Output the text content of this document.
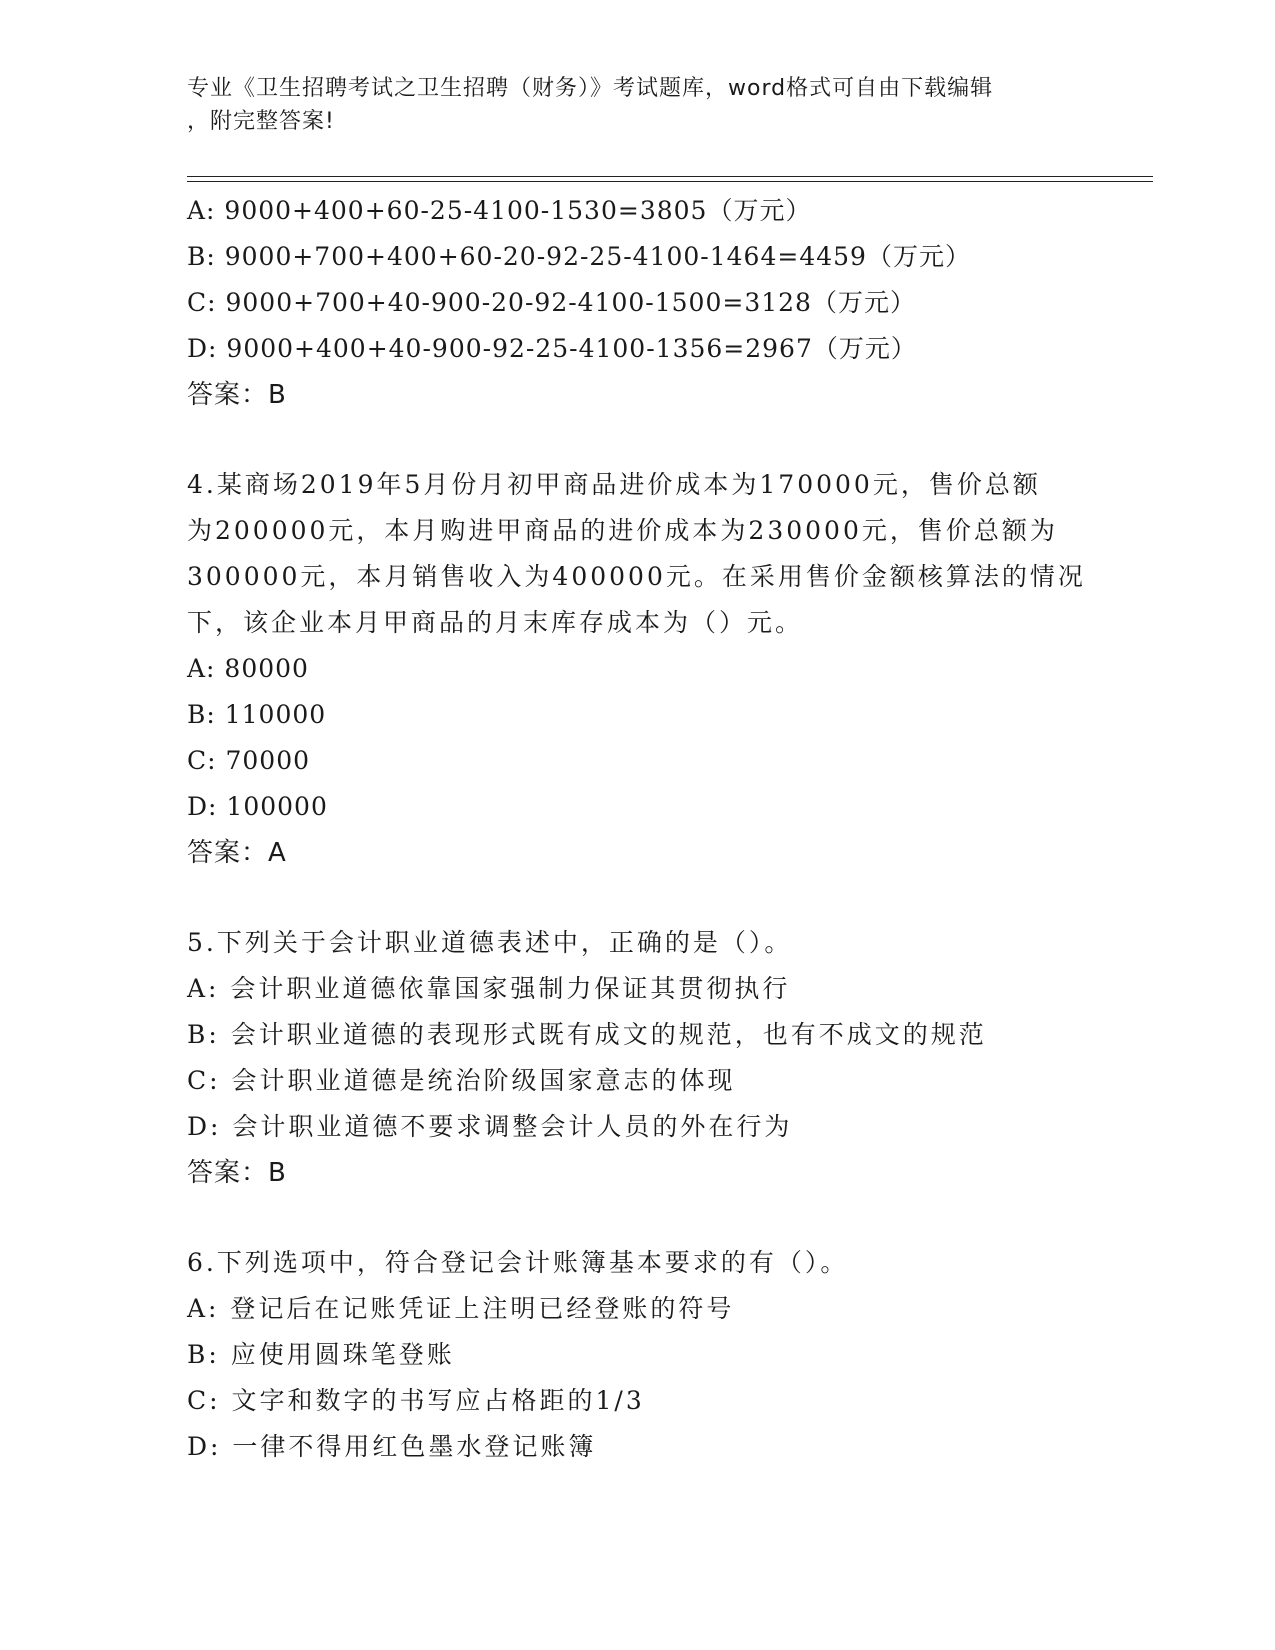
专业《卫生招聘考试之卫生招聘（财务）》考试题库，word格式可自由下载编辑
，附完整答案!
A: 9000+400+60-25-4100-1530=3805（万元）
B: 9000+700+400+60-20-92-25-4100-1464=4459（万元）
C: 9000+700+40-900-20-92-4100-1500=3128（万元）
D: 9000+400+40-900-92-25-4100-1356=2967（万元）
答案：B
4.某商场2019年5月份月初甲商品进价成本为170000元，售价总额
为200000元，本月购进甲商品的进价成本为230000元，售价总额为
300000元，本月销售收入为400000元。在采用售价金额核算法的情况
下，该企业本月甲商品的月末库存成本为（）元。
A: 80000
B: 110000
C: 70000
D: 100000
答案：A
5.下列关于会计职业道德表述中，正确的是（）。
A: 会计职业道德依靠国家强制力保证其贯彻执行
B: 会计职业道德的表现形式既有成文的规范，也有不成文的规范
C: 会计职业道德是统治阶级国家意志的体现
D: 会计职业道德不要求调整会计人员的外在行为
答案：B
6.下列选项中，符合登记会计账簿基本要求的有（）。
A: 登记后在记账凭证上注明已经登账的符号
B: 应使用圆珠笔登账
C: 文字和数字的书写应占格距的1/3
D: 一律不得用红色墨水登记账簿
